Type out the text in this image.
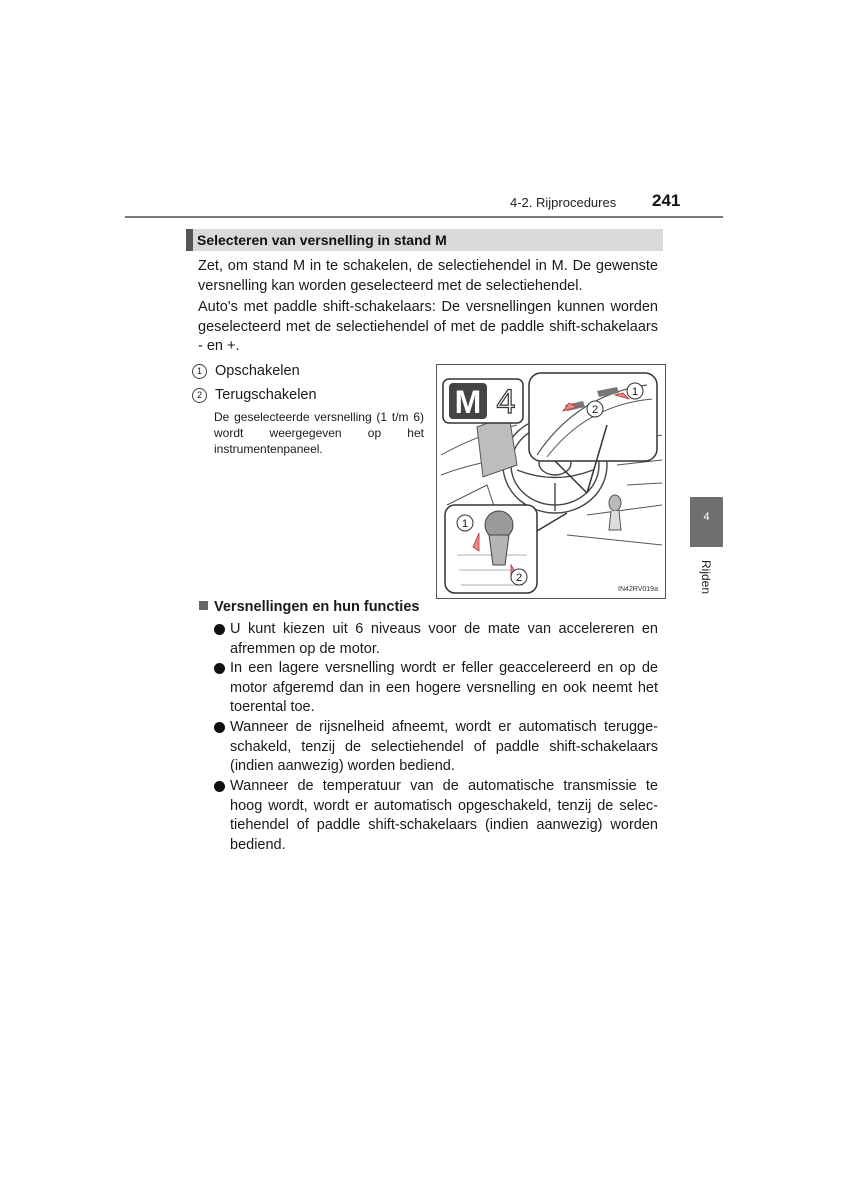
4-2. Rijprocedures 241
4
Rijden
Selecteren van versnelling in stand M
Zet, om stand M in te schakelen, de selectiehendel in M. De gewenste versnelling kan worden geselecteerd met de selectiehendel.
Auto's met paddle shift-schakelaars: De versnellingen kunnen worden geselecteerd met de selectiehendel of met de paddle shift-schakelaars - en +.
1 Opschakelen
2 Terugschakelen
De geselecteerde versnelling (1 t/m 6) wordt weergegeven op het instrumentenpaneel.
M 4	1
2
1
2
IN42RV019a
Versnellingen en hun functies
U kunt kiezen uit 6 niveaus voor de mate van accelereren en afremmen op de motor.
In een lagere versnelling wordt er feller geaccelereerd en op de motor afgeremd dan in een hogere versnelling en ook neemt het toerental toe.
Wanneer de rijsnelheid afneemt, wordt er automatisch terugge-schakeld, tenzij de selectiehendel of paddle shift-schakelaars (indien aanwezig) worden bediend.
Wanneer de temperatuur van de automatische transmissie te hoog wordt, wordt er automatisch opgeschakeld, tenzij de selec-tiehendel of paddle shift-schakelaars (indien aanwezig) worden bediend.
